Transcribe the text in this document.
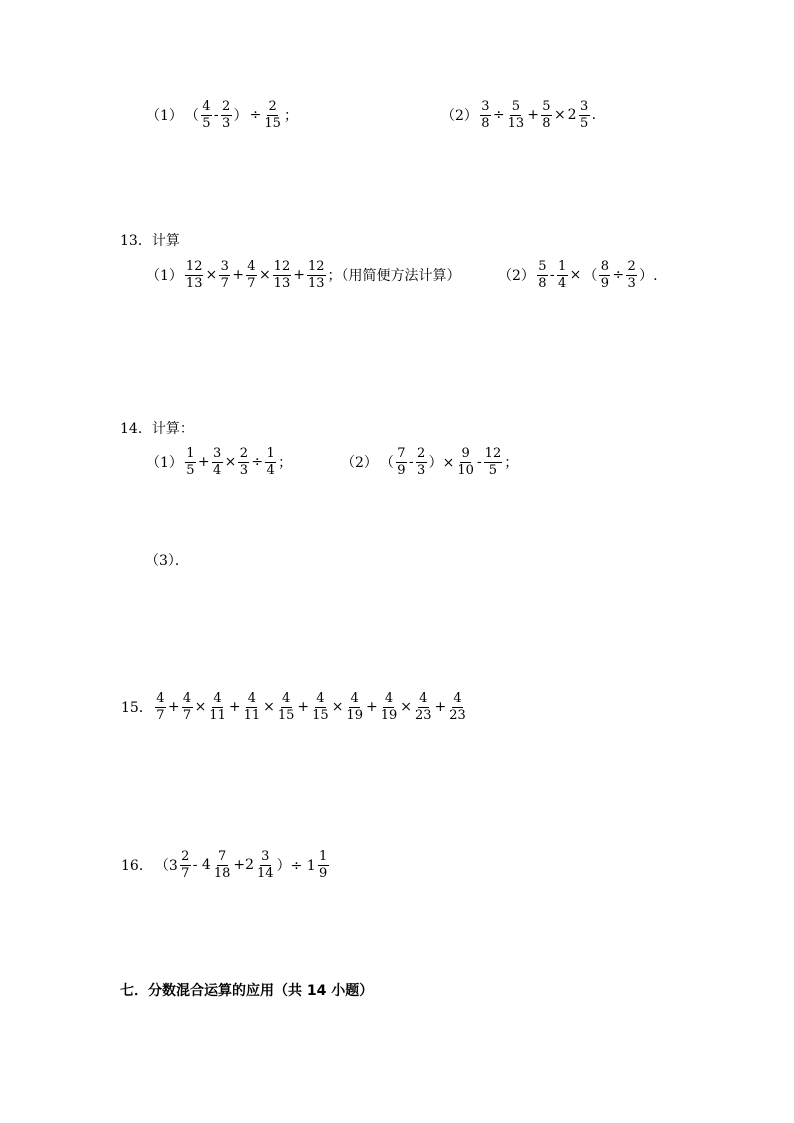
（1） （ $\frac{4}{5} - \frac{2}{3}$ ） ÷ $\frac{2}{15}$ ；	$(2) \frac{3}{8} \div \frac{5}{13} + \frac{5}{8} \times 2 \frac{3}{5}$ .
13．计算
$(1) \frac{12}{13} \times \frac{3}{7} + \frac{4}{7} \times \frac{12}{13} + \frac{12}{13}$ ；（用简便方法计算）	$(2) \frac{5}{8} - \frac{1}{4}$ × （ $\frac{8}{9} \div \frac{2}{3}$ ）.
14．计算：
$(1) \frac{1}{5} + \frac{3}{4} \times \frac{2}{3} \div \frac{1}{4}$ ；	（2） （ $\frac{7}{9} - \frac{2}{3}$ ）× $\frac{9}{10} - \frac{12}{5}$ ；
（3）．
15． $\frac{4}{7} + \frac{4}{7} \times \frac{4}{11} + \frac{4}{11} \times \frac{4}{15} + \frac{4}{15} \times \frac{4}{19} + \frac{4}{19} \times \frac{4}{23} + \frac{4}{23}$
16． （$3 \frac{2}{7} - 4 \frac{7}{18} +2 \frac{3}{14}$ ）÷ $1 \frac{1}{9}$
七．分数混合运算的应用（共 14 小题）
